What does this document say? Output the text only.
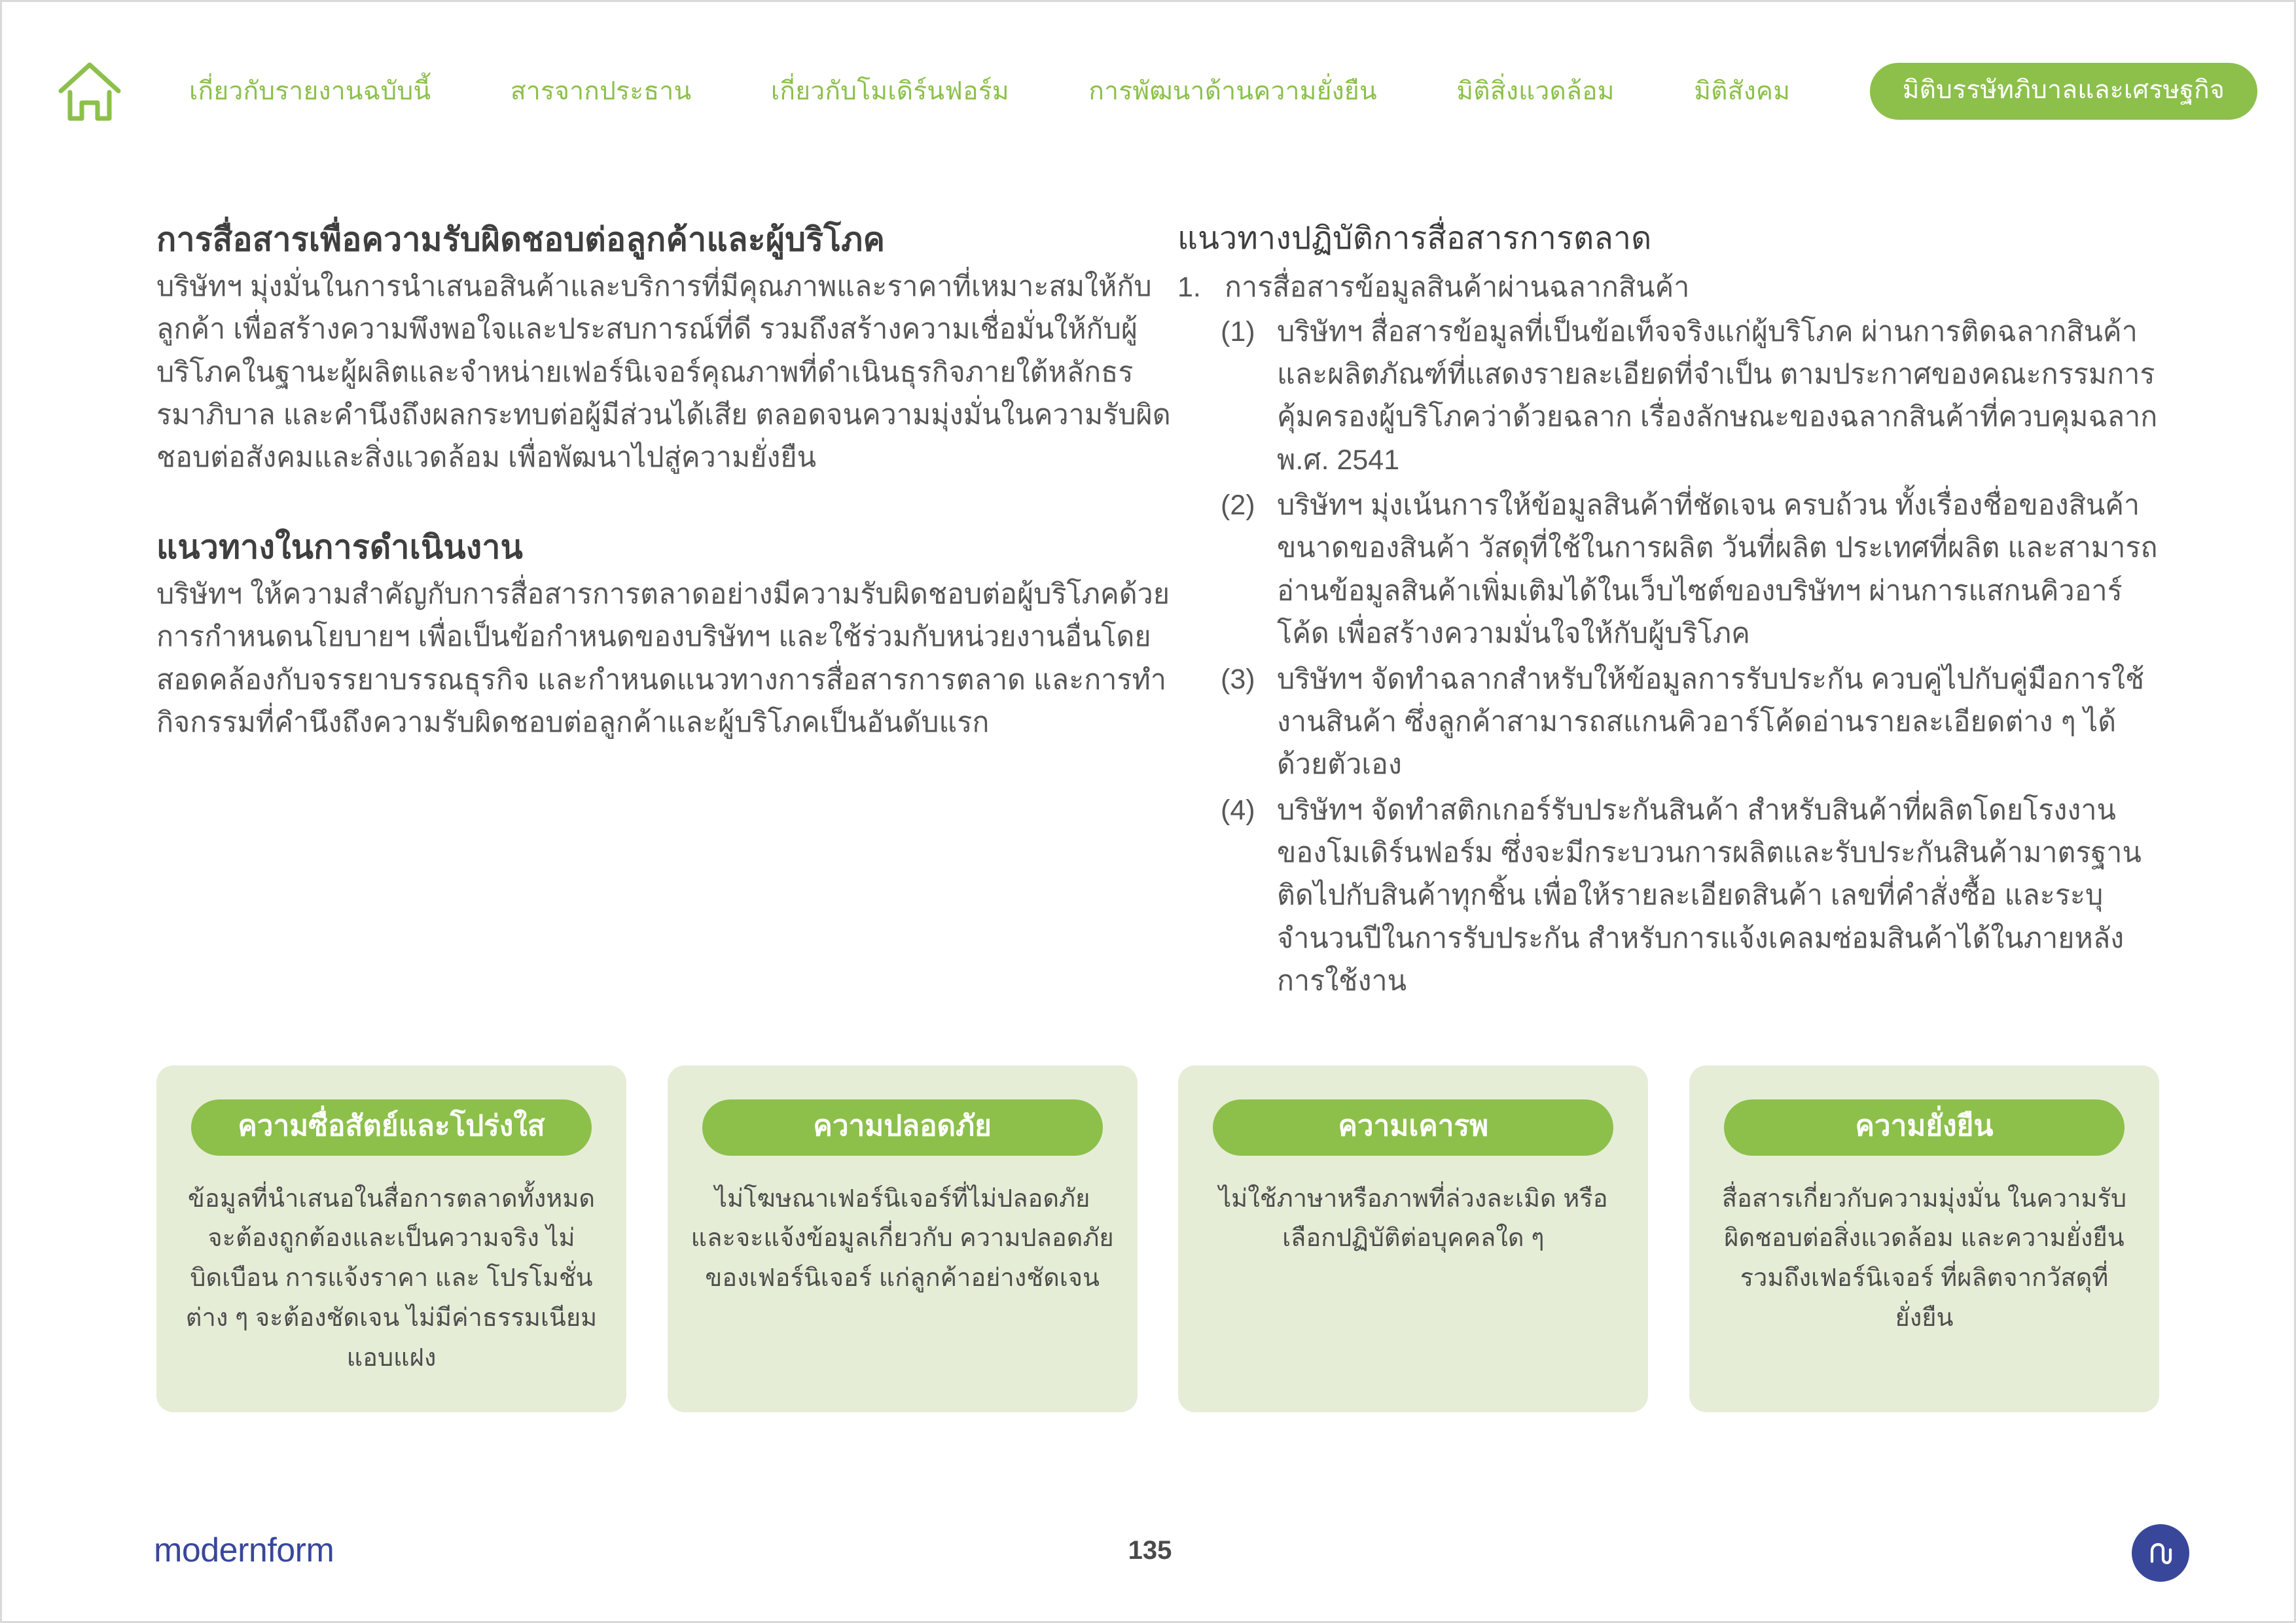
เกี่ยวกับรายงานฉบับนี้	สารจากประธาน	เกี่ยวกับโมเดิร์นฟอร์ม	การพัฒนาด้านความยั่งยืน	มิติสิ่งแวดล้อม	มิติสังคม	มิติบรรษัทภิบาลและเศรษฐกิจ
การสื่อสารเพื่อความรับผิดชอบต่อลูกค้าและผู้บริโภค
บริษัทฯ มุ่งมั่นในการนำเสนอสินค้าและบริการที่มีคุณภาพและราคาที่เหมาะสมให้กับลูกค้า เพื่อสร้างความพึงพอใจและประสบการณ์ที่ดี รวมถึงสร้างความเชื่อมั่นให้กับผู้บริโภคในฐานะผู้ผลิตและจำหน่ายเฟอร์นิเจอร์คุณภาพที่ดำเนินธุรกิจภายใต้หลักธรรมาภิบาล และคำนึงถึงผลกระทบต่อผู้มีส่วนได้เสีย ตลอดจนความมุ่งมั่นในความรับผิดชอบต่อสังคมและสิ่งแวดล้อม เพื่อพัฒนาไปสู่ความยั่งยืน
แนวทางในการดำเนินงาน
บริษัทฯ ให้ความสำคัญกับการสื่อสารการตลาดอย่างมีความรับผิดชอบต่อผู้บริโภคด้วยการกำหนดนโยบายฯ เพื่อเป็นข้อกำหนดของบริษัทฯ และใช้ร่วมกับหน่วยงานอื่นโดยสอดคล้องกับจรรยาบรรณธุรกิจ และกำหนดแนวทางการสื่อสารการตลาด และการทำกิจกรรมที่คำนึงถึงความรับผิดชอบต่อลูกค้าและผู้บริโภคเป็นอันดับแรก
แนวทางปฏิบัติการสื่อสารการตลาด
1. การสื่อสารข้อมูลสินค้าผ่านฉลากสินค้า
(1) บริษัทฯ สื่อสารข้อมูลที่เป็นข้อเท็จจริงแก่ผู้บริโภค ผ่านการติดฉลากสินค้าและผลิตภัณฑ์ที่แสดงรายละเอียดที่จำเป็น ตามประกาศของคณะกรรมการคุ้มครองผู้บริโภคว่าด้วยฉลาก เรื่องลักษณะของฉลากสินค้าที่ควบคุมฉลาก พ.ศ. 2541
(2) บริษัทฯ มุ่งเน้นการให้ข้อมูลสินค้าที่ชัดเจน ครบถ้วน ทั้งเรื่องชื่อของสินค้า ขนาดของสินค้า วัสดุที่ใช้ในการผลิต วันที่ผลิต ประเทศที่ผลิต และสามารถอ่านข้อมูลสินค้าเพิ่มเติมได้ในเว็บไซต์ของบริษัทฯ ผ่านการแสกนคิวอาร์โค้ด เพื่อสร้างความมั่นใจให้กับผู้บริโภค
(3) บริษัทฯ จัดทำฉลากสำหรับให้ข้อมูลการรับประกัน ควบคู่ไปกับคู่มือการใช้งานสินค้า ซึ่งลูกค้าสามารถสแกนคิวอาร์โค้ดอ่านรายละเอียดต่าง ๆ ได้ด้วยตัวเอง
(4) บริษัทฯ จัดทำสติกเกอร์รับประกันสินค้า สำหรับสินค้าที่ผลิตโดยโรงงานของโมเดิร์นฟอร์ม ซึ่งจะมีกระบวนการผลิตและรับประกันสินค้ามาตรฐาน ติดไปกับสินค้าทุกชิ้น เพื่อให้รายละเอียดสินค้า เลขที่คำสั่งซื้อ และระบุจำนวนปีในการรับประกัน สำหรับการแจ้งเคลมซ่อมสินค้าได้ในภายหลังการใช้งาน
ความซื่อสัตย์และโปร่งใส
ข้อมูลที่นำเสนอในสื่อการตลาดทั้งหมด จะต้องถูกต้องและเป็นความจริง ไม่บิดเบือน การแจ้งราคา และ โปรโมชั่นต่าง ๆ จะต้องชัดเจน ไม่มีค่าธรรมเนียมแอบแฝง
ความปลอดภัย
ไม่โฆษณาเฟอร์นิเจอร์ที่ไม่ปลอดภัย และจะแจ้งข้อมูลเกี่ยวกับ ความปลอดภัยของเฟอร์นิเจอร์ แก่ลูกค้าอย่างชัดเจน
ความเคารพ
ไม่ใช้ภาษาหรือภาพที่ล่วงละเมิด หรือเลือกปฏิบัติต่อบุคคลใด ๆ
ความยั่งยืน
สื่อสารเกี่ยวกับความมุ่งมั่น ในความรับผิดชอบต่อสิ่งแวดล้อม และความยั่งยืน รวมถึงเฟอร์นิเจอร์ ที่ผลิตจากวัสดุที่ยั่งยืน
modernform	135
